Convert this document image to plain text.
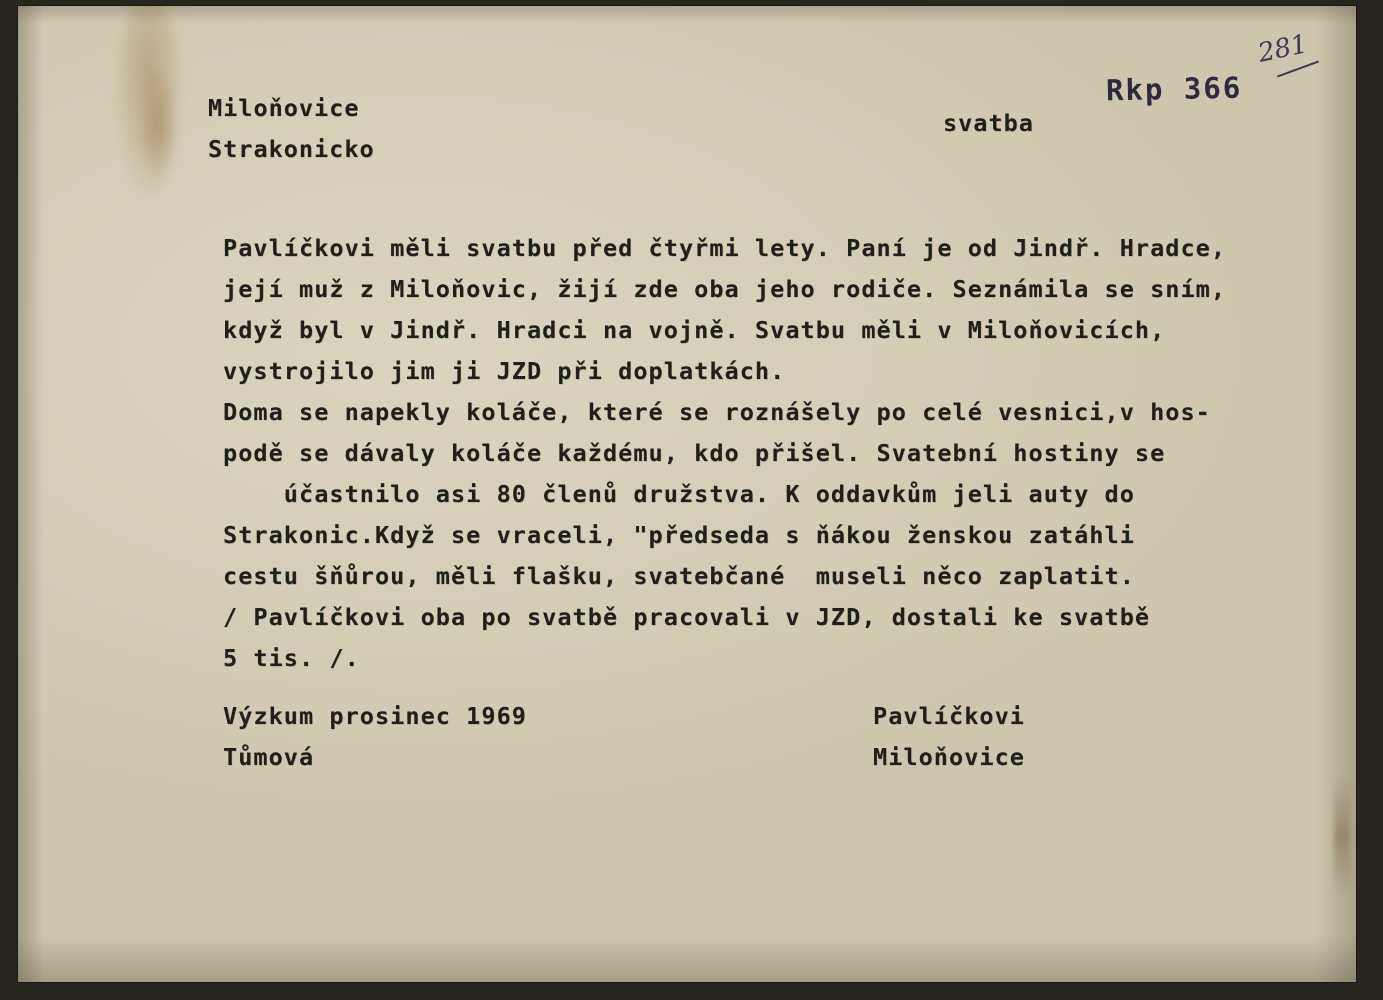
Miloňovice
Strakonicko
svatba
Rkp 366
281
Pavlíčkovi měli svatbu před čtyřmi lety. Paní je od Jindř. Hradce,
její muž z Miloňovic, žijí zde oba jeho rodiče. Seznámila se sním,
když byl v Jindř. Hradci na vojně. Svatbu měli v Miloňovicích,
vystrojilo jim ji JZD při doplatkách.
Doma se napekly koláče, které se roznášely po celé vesnici,v hos-
podě se dávaly koláče každému, kdo přišel. Svatební hostiny se
účastnilo asi 80 členů družstva. K oddavkům jeli auty do
Strakonic.Když se vraceli, "předseda s ňákou ženskou zatáhli
cestu šňůrou, měli flašku, svatebčané  museli něco zaplatit.
/ Pavlíčkovi oba po svatbě pracovali v JZD, dostali ke svatbě
5 tis. /.
Výzkum prosinec 1969	Pavlíčkovi
Tůmová	Miloňovice
